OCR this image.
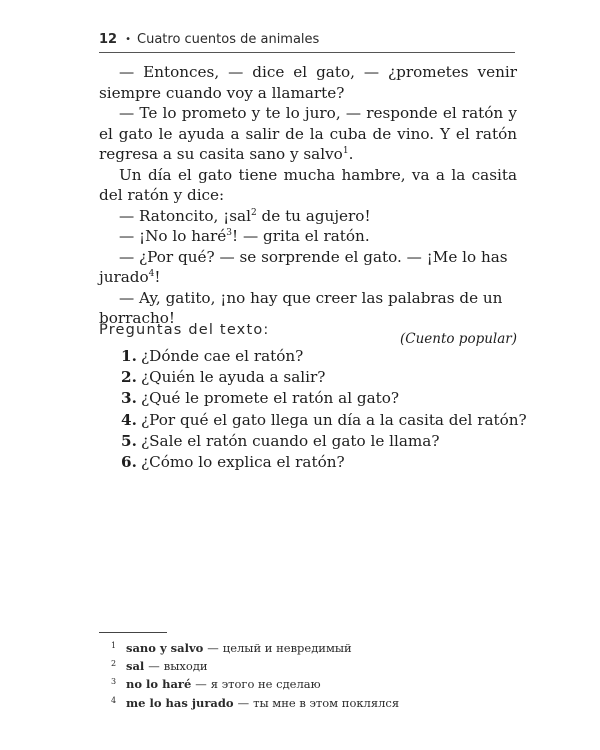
12 • Cuatro cuentos de animales

— Entonces, — dice el gato, — ¿prometes venir siempre cuando voy a llamarte?

— Te lo prometo y te lo juro, — responde el ratón y el gato le ayuda a salir de la cuba de vino. Y el ratón regresa a su casita sano y salvo$^1$.

Un día el gato tiene mucha hambre, va a la casita del ratón y dice:

— Ratoncito, ¡sal$^2$ de tu agujero!

— ¡No lo haré$^3$! — grita el ratón.

— ¿Por qué? — se sorprende el gato. — ¡Me lo has jurado$^4$!

— Ay, gatito, ¡no hay que creer las palabras de un borracho!

(Cuento popular)
Preguntas del texto:
1. ¿Dónde cae el ratón?
2. ¿Quién le ayuda a salir?
3. ¿Qué le promete el ratón al gato?
4. ¿Por qué el gato llega un día a la casita del ratón?
5. ¿Sale el ratón cuando el gato le llama?
6. ¿Cómo lo explica el ratón?
1 sano y salvo — целый и невредимый
2 sal — выходи
3 no lo haré — я этого не сделаю
4 me lo has jurado — ты мне в этом поклялся
